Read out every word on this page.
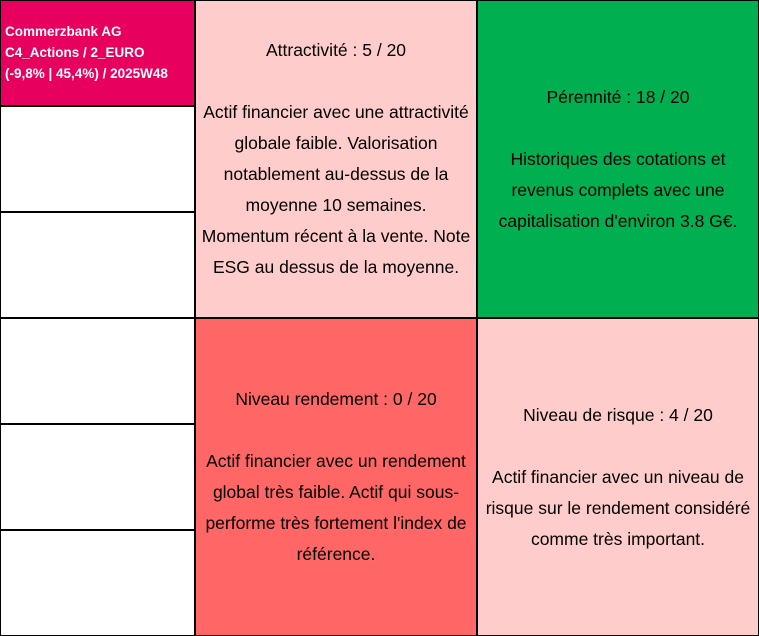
Commerzbank AG
C4_Actions / 2_EURO
(-9,8% | 45,4%) / 2025W48

Attractivité : 5 / 20

Actif financier avec une attractivité globale faible. Valorisation notablement au-dessus de la moyenne 10 semaines. Momentum récent à la vente. Note ESG au dessus de la moyenne.

Pérennité : 18 / 20

Historiques des cotations et revenus complets avec une capitalisation d'environ 3.8 G€.

Niveau rendement : 0 / 20

Actif financier avec un rendement global très faible. Actif qui sous-performe très fortement l'index de référence.

Niveau de risque : 4 / 20

Actif financier avec un niveau de risque sur le rendement considéré comme très important.
